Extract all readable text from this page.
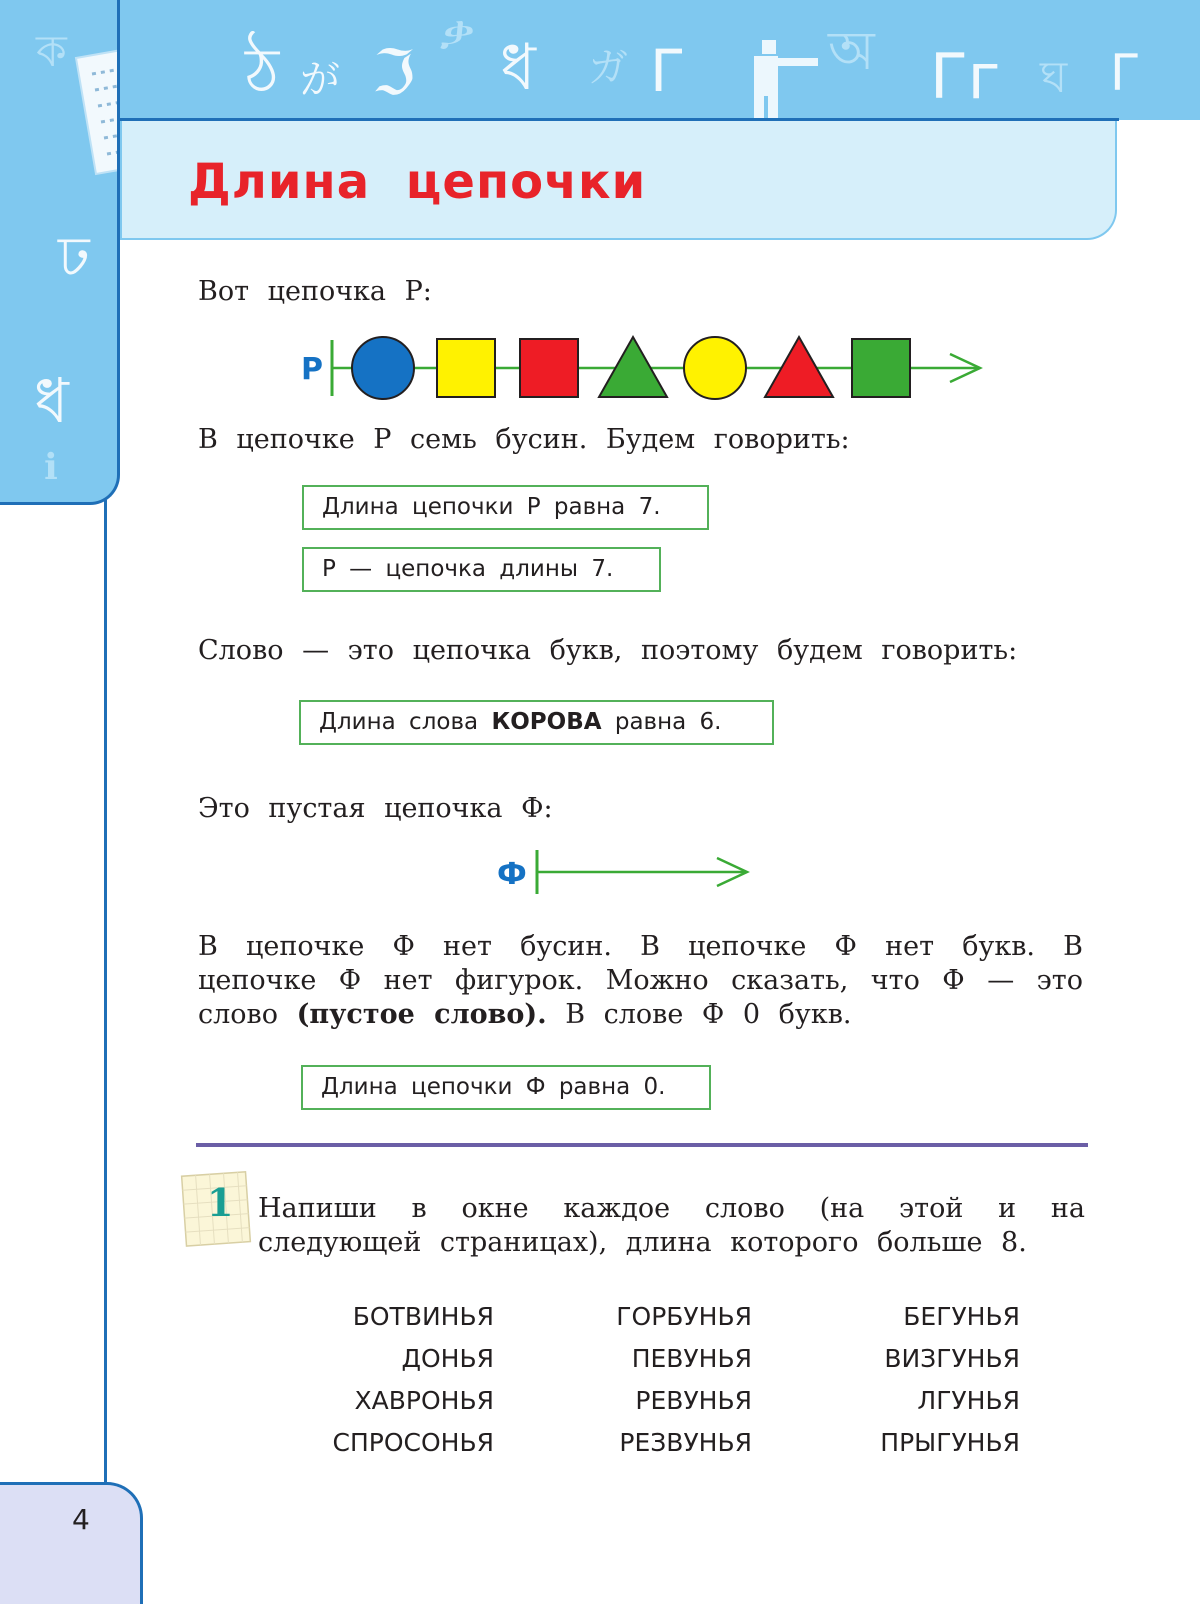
ঠ が ℑ
ቃ ধ ガ Г	অ Гг ঘ Г
ক
ঢ
ধ
ℹ
Длина цепочки

Вот цепочка Р:

Р

В цепочке Р семь бусин. Будем говорить:

Длина цепочки Р равна 7.
Р — цепочка длины 7.

Слово — это цепочка букв, поэтому будем говорить:

Длина слова КОРОВА равна 6.

Это пустая цепочка Ф:

Ф

В цепочке Ф нет бусин. В цепочке Ф нет букв. В цепочке Ф нет фигурок. Можно сказать, что Ф — это слово (пустое слово). В слове Ф 0 букв.

Длина цепочки Ф равна 0.
1 Напиши в окне каждое слово (на этой и на следующей страницах), длина которого больше 8.

БОТВИНЬЯ
ДОНЬЯ
ХАВРОНЬЯ
СПРОСОНЬЯ
ГОРБУНЬЯ
ПЕВУНЬЯ
РЕВУНЬЯ
РЕЗВУНЬЯ
БЕГУНЬЯ
ВИЗГУНЬЯ
ЛГУНЬЯ
ПРЫГУНЬЯ
4
